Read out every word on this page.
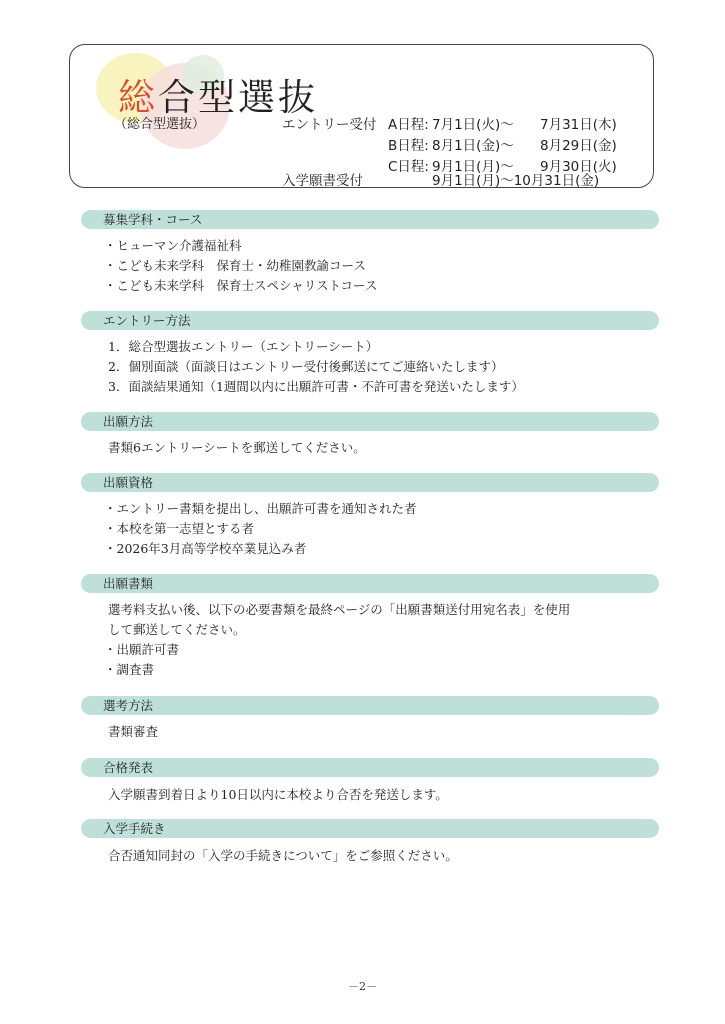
総合型選抜
（総合型選抜）	エントリー受付 A日程: 7月1日(火)～ 7月31日(木)
B日程: 8月1日(金)～ 8月29日(金)
C日程: 9月1日(月)～ 9月30日(火)
入学願書受付	9月1日(月)～10月31日(金)
募集学科・コース
・ヒューマン介護福祉科
・こども未来学科　保育士・幼稚園教諭コース
・こども未来学科　保育士スペシャリストコース
エントリー方法
1．総合型選抜エントリー（エントリーシート）
2．個別面談（面談日はエントリー受付後郵送にてご連絡いたします）
3．面談結果通知（1週間以内に出願許可書・不許可書を発送いたします）
出願方法
書類6エントリーシートを郵送してください。
出願資格
・エントリー書類を提出し、出願許可書を通知された者
・本校を第一志望とする者
・2026年3月高等学校卒業見込み者
出願書類
選考料支払い後、以下の必要書類を最終ページの「出願書類送付用宛名表」を使用
して郵送してください。
・出願許可書
・調査書
選考方法
書類審査
合格発表
入学願書到着日より10日以内に本校より合否を発送します。
入学手続き
合否通知同封の「入学の手続きについて」をご参照ください。
－2－
